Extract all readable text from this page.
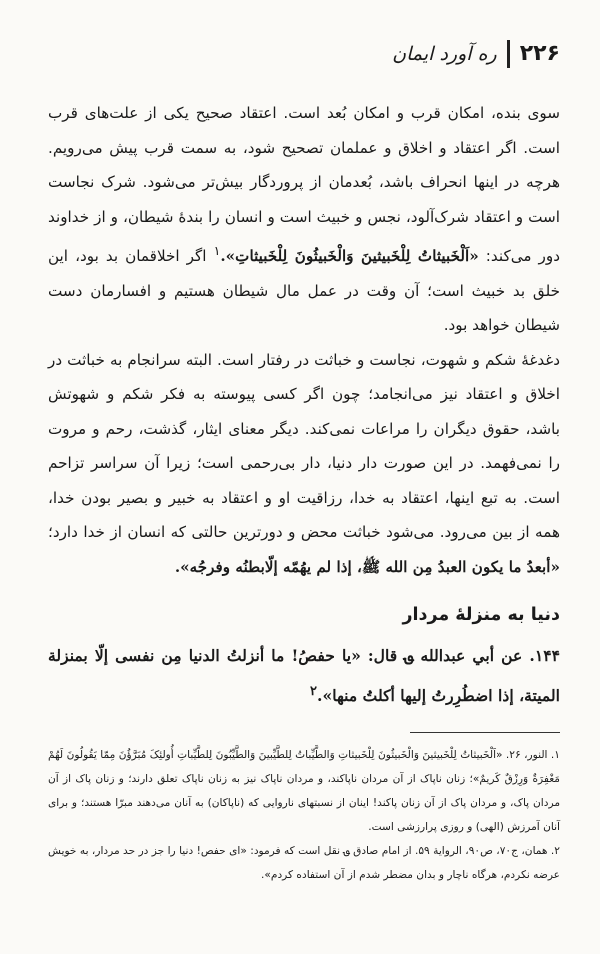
۲۲۶
ره آورد ایمان

سوی بنده، امکان قرب و امکان بُعد است. اعتقاد صحیح یکی از علت‌های قرب است. اگر اعتقاد و اخلاق و عملمان تصحیح شود، به سمت قرب پیش می‌رویم. هرچه در اینها انحراف باشد، بُعدمان از پروردگار بیش‌تر می‌شود. شرک نجاست است و اعتقاد شرک‌آلود، نجس و خبیث است و انسان را بندهٔ شیطان، و از خداوند دور می‌کند: «اَلْخَبیثاتُ لِلْخَبیثینَ وَالْخَبیثُونَ لِلْخَبیثاتِ».$^۱$ اگر اخلاقمان بد بود، این خلق بد خبیث است؛ آن وقت در عمل مال شیطان هستیم و افسارمان دست شیطان خواهد بود.

دغدغهٔ شکم و شهوت، نجاست و خباثت در رفتار است. البته سرانجام به خباثت در اخلاق و اعتقاد نیز می‌انجامد؛ چون اگر کسی پیوسته به فکر شکم و شهوتش باشد، حقوق دیگران را مراعات نمی‌کند. دیگر معنای ایثار، گذشت، رحم و مروت را نمی‌فهمد. در این صورت دار دنیا، دار بی‌رحمی است؛ زیرا آن سراسر تزاحم است. به تبع اینها، اعتقاد به خدا، رزاقیت او و اعتقاد به خبیر و بصیر بودن خدا، همه از بین می‌رود. می‌شود خباثت محض و دورترین حالتی که انسان از خدا دارد؛ «أبعدُ ما یکون العبدُ مِن الله ﷺ، إذا لم یهُمّه إلّابطنُه وفرجُه».

دنیا به منزلهٔ مردار

۱۴۴. عن أبي عبدالله ؈ قال: «یا حفصُ! ما أنزلتُ الدنیا مِن نفسی إلّا بمنزلة المیتة، إذا اضطُرِرتُ إلیها أکلتُ منها».$^۲$

۱. النور، ۲۶. «اَلْخَبیثاتُ لِلْخَبیثینَ وَالْخَبیثُونَ لِلْخَبیثاتِ وَالطَّیِّباتُ لِلطَّیِّبینَ وَالطَّیِّبُونَ لِلطَّیِّباتِ أُولئِکَ مُبَرَّؤُنَ مِمّا یَقُولُونَ لَهُمْ مَغْفِرَةٌ وَرِزْقٌ کَریمٌ»؛ زنان ناپاک از آن مردان ناپاکند، و مردان ناپاک نیز به زنان ناپاک تعلق دارند؛ و زنان پاک از آن مردان پاک، و مردان پاک از آن زنان پاکند! اینان از نسبتهای ناروایی که (ناپاکان) به آنان می‌دهند مبرّا هستند؛ و برای آنان آمرزش (الهی) و روزی پرارزشی است.

۲. همان، ج۷۰، ص۹۰، الروایة ۵۹. از امام صادق ؈ نقل است که فرمود: «ای حفص! دنیا را جز در حد مردار، به خویش عرضه نکردم، هرگاه ناچار و بدان مضطر شدم از آن استفاده کردم».
